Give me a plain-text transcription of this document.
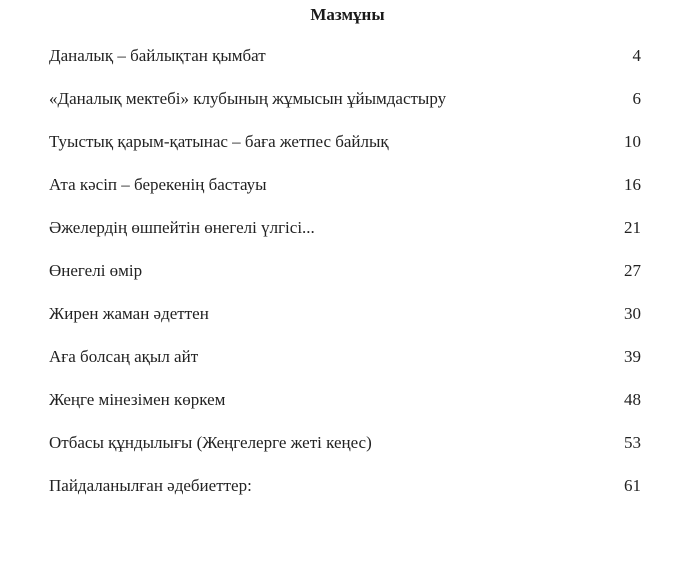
Мазмұны
Даналық – байлықтан қымбат	4
«Даналық мектебі» клубының жұмысын ұйымдастыру	6
Туыстық қарым-қатынас – баға жетпес байлық	10
Ата кәсіп – берекенің бастауы	16
Әжелердің өшпейтін өнегелі үлгісі...	21
Өнегелі өмір	27
Жирен жаман әдеттен	30
Аға болсаң ақыл айт	39
Жеңге мінезімен көркем	48
Отбасы құндылығы (Жеңгелерге жеті кеңес)	53
Пайдаланылған әдебиеттер:	61
